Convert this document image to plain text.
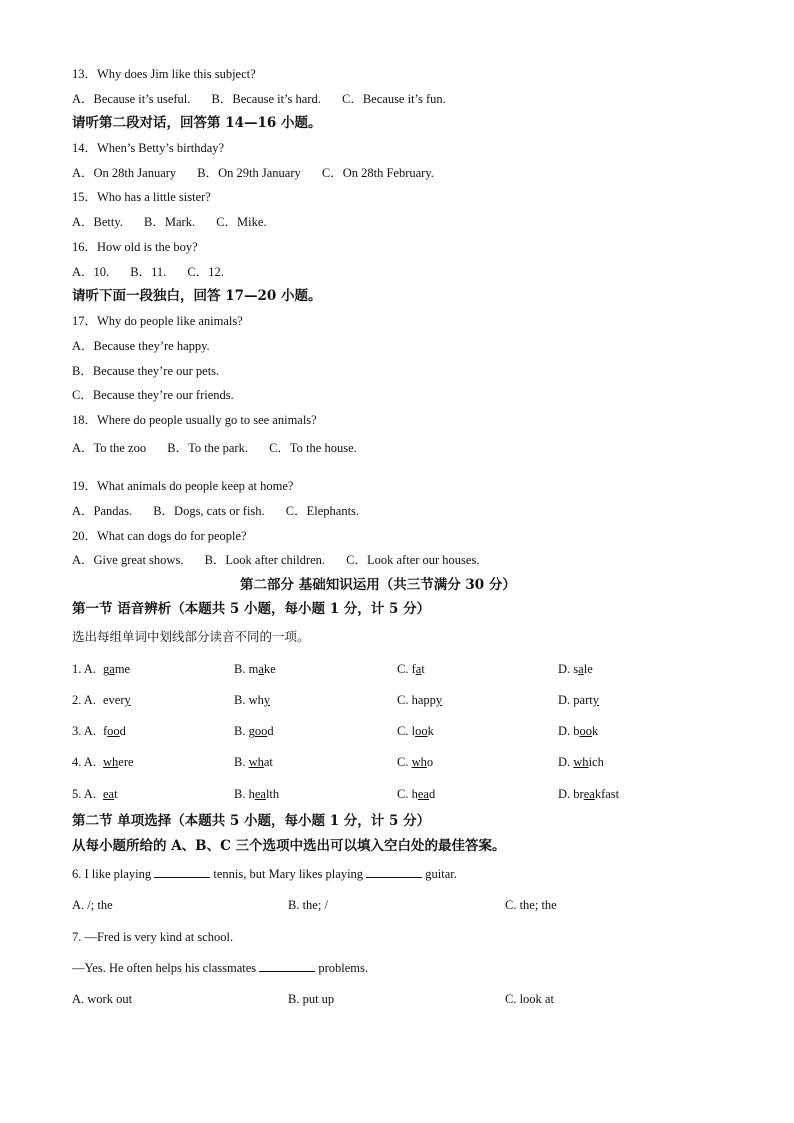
13．Why does Jim like this subject?
A．Because it’s useful. B．Because it’s hard. C．Because it’s fun.
请听第二段对话，回答第 14—16 小题。
14．When’s Betty’s birthday?
A．On 28th January B．On 29th January C．On 28th February.
15．Who has a little sister?
A．Betty. B．Mark. C．Mike.
16．How old is the boy?
A．10. B．11. C．12.
请听下面一段独白，回答 17—20 小题。
17．Why do people like animals?
A．Because they’re happy.
B．Because they’re our pets.
C．Because they’re our friends.
18．Where do people usually go to see animals?
A．To the zoo B．To the park. C．To the house.
19．What animals do people keep at home?
A．Pandas. B．Dogs, cats or fish. C．Elephants.
20．What can dogs do for people?
A．Give great shows. B．Look after children. C．Look after our houses.
第二部分 基础知识运用（共三节满分 30 分）
第一节 语音辨析（本题共 5 小题，每小题 1 分，计 5 分）
选出每组单词中划线部分读音不同的一项。
1. A. game	B. make	C. fat	D. sale
2. A. every	B. why	C. happy	D. party
3. A. food	B. good	C. look	D. book
4. A. where	B. what	C. who	D. which
5. A. eat	B. health	C. head	D. breakfast
第二节 单项选择（本题共 5 小题，每小题 1 分，计 5 分）
从每小题所给的 A、B、C 三个选项中选出可以填入空白处的最佳答案。
6. I like playing	tennis, but Mary likes playing	guitar.
A. /; the	B. the; /	C. the; the
7. —Fred is very kind at school.
—Yes. He often helps his classmates	problems.
A. work out	B. put up	C. look at
